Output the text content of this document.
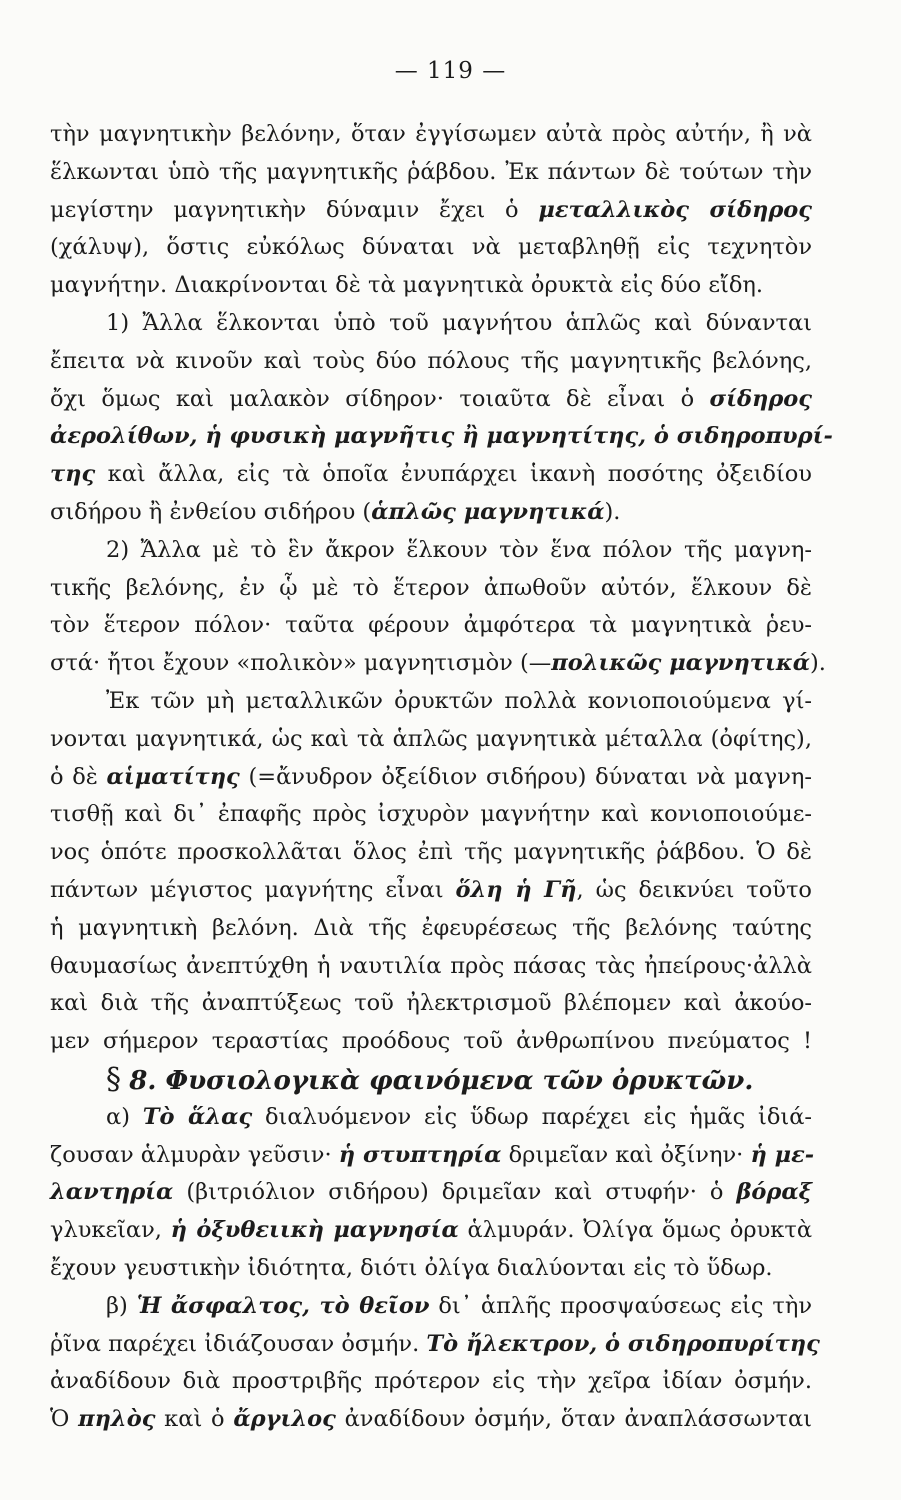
— 119 —
τὴν μαγνητικὴν βελόνην, ὅταν ἐγγίσωμεν αὐτὰ πρὸς αὐτήν, ἢ νὰ
ἕλκωνται ὑπὸ τῆς μαγνητικῆς ῥάβδου. Ἐκ πάντων δὲ τούτων τὴν
μεγίστην μαγνητικὴν δύναμιν ἔχει ὁ μεταλλικὸς σίδηρος
(χάλυψ), ὅστις εὐκόλως δύναται νὰ μεταβληθῇ εἰς τεχνητὸν
μαγνήτην. Διακρίνονται δὲ τὰ μαγνητικὰ ὀρυκτὰ εἰς δύο εἴδη.
1) Ἄλλα ἕλκονται ὑπὸ τοῦ μαγνήτου ἁπλῶς καὶ δύνανται
ἔπειτα νὰ κινοῦν καὶ τοὺς δύο πόλους τῆς μαγνητικῆς βελόνης,
ὄχι ὅμως καὶ μαλακὸν σίδηρον· τοιαῦτα δὲ εἶναι ὁ σίδηρος
ἀερολίθων, ἡ φυσικὴ μαγνῆτις ἢ μαγνητίτης, ὁ σιδηροπυρί-
της καὶ ἄλλα, εἰς τὰ ὁποῖα ἐνυπάρχει ἱκανὴ ποσότης ὀξειδίου
σιδήρου ἢ ἐνθείου σιδήρου (ἁπλῶς μαγνητικά).
2) Ἄλλα μὲ τὸ ἓν ἄκρον ἕλκουν τὸν ἕνα πόλον τῆς μαγνη-
τικῆς βελόνης, ἐν ᾧ μὲ τὸ ἕτερον ἀπωθοῦν αὐτόν, ἕλκουν δὲ
τὸν ἕτερον πόλον· ταῦτα φέρουν ἀμφότερα τὰ μαγνητικὰ ῥευ-
στά· ἤτοι ἔχουν «πολικὸν» μαγνητισμὸν (—πολικῶς μαγνητικά).
Ἐκ τῶν μὴ μεταλλικῶν ὀρυκτῶν πολλὰ κονιοποιούμενα γί-
νονται μαγνητικά, ὡς καὶ τὰ ἁπλῶς μαγνητικὰ μέταλλα (ὀφίτης),
ὁ δὲ αἱματίτης (=ἄνυδρον ὀξείδιον σιδήρου) δύναται νὰ μαγνη-
τισθῇ καὶ δι᾿ ἐπαφῆς πρὸς ἰσχυρὸν μαγνήτην καὶ κονιοποιούμε-
νος ὁπότε προσκολλᾶται ὅλος ἐπὶ τῆς μαγνητικῆς ῥάβδου. Ὁ δὲ
πάντων μέγιστος μαγνήτης εἶναι ὅλη ἡ Γῆ, ὡς δεικνύει τοῦτο
ἡ μαγνητικὴ βελόνη. Διὰ τῆς ἐφευρέσεως τῆς βελόνης ταύτης
θαυμασίως ἀνεπτύχθη ἡ ναυτιλία πρὸς πάσας τὰς ἠπείρους·ἀλλὰ
καὶ διὰ τῆς ἀναπτύξεως τοῦ ἠλεκτρισμοῦ βλέπομεν καὶ ἀκούο-
μεν σήμερον τεραστίας προόδους τοῦ ἀνθρωπίνου πνεύματος !
§ 8. Φυσιολογικὰ φαινόμενα τῶν ὀρυκτῶν.
α) Τὸ ἅλας διαλυόμενον εἰς ὕδωρ παρέχει εἰς ἡμᾶς ἰδιά-
ζουσαν ἁλμυρὰν γεῦσιν· ἡ στυπτηρία δριμεῖαν καὶ ὀξίνην· ἡ με-
λαντηρία (βιτριόλιον σιδήρου) δριμεῖαν καὶ στυφήν· ὁ βόραξ
γλυκεῖαν, ἡ ὀξυθειικὴ μαγνησία ἁλμυράν. Ὀλίγα ὅμως ὀρυκτὰ
ἔχουν γευστικὴν ἰδιότητα, διότι ὀλίγα διαλύονται εἰς τὸ ὕδωρ.
β) Ἡ ἄσφαλτος, τὸ θεῖον δι᾿ ἁπλῆς προσψαύσεως εἰς τὴν
ῥῖνα παρέχει ἰδιάζουσαν ὀσμήν. Τὸ ἤλεκτρον, ὁ σιδηροπυρίτης
ἀναδίδουν διὰ προστριβῆς πρότερον εἰς τὴν χεῖρα ἰδίαν ὀσμήν.
Ὁ πηλὸς καὶ ὁ ἄργιλος ἀναδίδουν ὀσμήν, ὅταν ἀναπλάσσωνται
